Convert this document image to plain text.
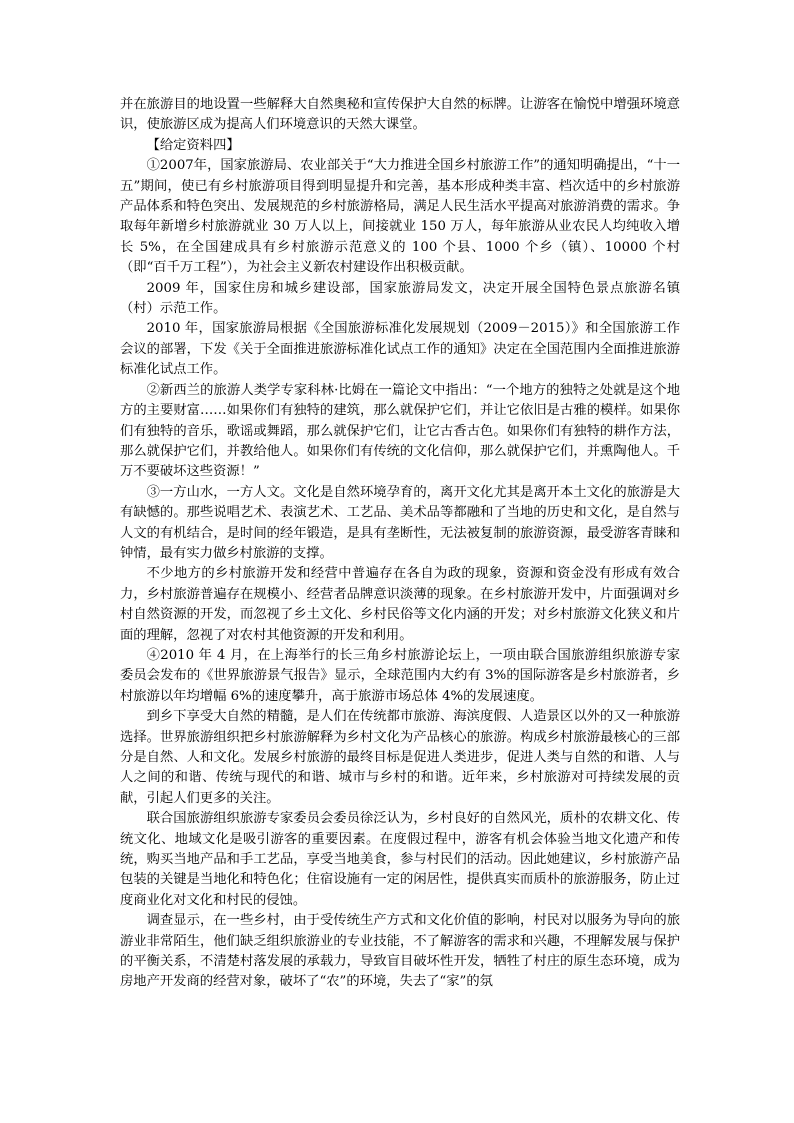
并在旅游目的地设置一些解释大自然奥秘和宣传保护大自然的标牌。让游客在愉悦中增强环境意识，使旅游区成为提高人们环境意识的天然大课堂。

【给定资料四】

①2007年，国家旅游局、农业部关于“大力推进全国乡村旅游工作”的通知明确提出，“十一五”期间，使已有乡村旅游项目得到明显提升和完善，基本形成种类丰富、档次适中的乡村旅游产品体系和特色突出、发展规范的乡村旅游格局，满足人民生活水平提高对旅游消费的需求。争取每年新增乡村旅游就业 30 万人以上，间接就业 150 万人，每年旅游从业农民人均纯收入增长 5%，在全国建成具有乡村旅游示范意义的 100 个县、1000 个乡（镇）、10000 个村（即“百千万工程”），为社会主义新农村建设作出积极贡献。

2009 年，国家住房和城乡建设部，国家旅游局发文，决定开展全国特色景点旅游名镇（村）示范工作。

2010 年，国家旅游局根据《全国旅游标准化发展规划（2009－2015）》和全国旅游工作会议的部署，下发《关于全面推进旅游标准化试点工作的通知》决定在全国范围内全面推进旅游标准化试点工作。

②新西兰的旅游人类学专家科林·比姆在一篇论文中指出：“一个地方的独特之处就是这个地方的主要财富……如果你们有独特的建筑，那么就保护它们，并让它依旧是古雅的模样。如果你们有独特的音乐，歌谣或舞蹈，那么就保护它们，让它古香古色。如果你们有独特的耕作方法，那么就保护它们，并教给他人。如果你们有传统的文化信仰，那么就保护它们，并熏陶他人。千万不要破坏这些资源！”

③一方山水，一方人文。文化是自然环境孕育的，离开文化尤其是离开本土文化的旅游是大有缺憾的。那些说唱艺术、表演艺术、工艺品、美术品等都融和了当地的历史和文化，是自然与人文的有机结合，是时间的经年锻造，是具有垄断性，无法被复制的旅游资源，最受游客青睐和钟情，最有实力做乡村旅游的支撑。

不少地方的乡村旅游开发和经营中普遍存在各自为政的现象，资源和资金没有形成有效合力，乡村旅游普遍存在规模小、经营者品牌意识淡薄的现象。在乡村旅游开发中，片面强调对乡村自然资源的开发，而忽视了乡土文化、乡村民俗等文化内涵的开发；对乡村旅游文化狭义和片面的理解，忽视了对农村其他资源的开发和利用。

④2010 年 4 月，在上海举行的长三角乡村旅游论坛上，一项由联合国旅游组织旅游专家委员会发布的《世界旅游景气报告》显示，全球范围内大约有 3%的国际游客是乡村旅游者，乡村旅游以年均增幅 6%的速度攀升，高于旅游市场总体 4%的发展速度。

到乡下享受大自然的精髓，是人们在传统都市旅游、海滨度假、人造景区以外的又一种旅游选择。世界旅游组织把乡村旅游解释为乡村文化为产品核心的旅游。构成乡村旅游最核心的三部分是自然、人和文化。发展乡村旅游的最终目标是促进人类进步，促进人类与自然的和谐、人与人之间的和谐、传统与现代的和谐、城市与乡村的和谐。近年来，乡村旅游对可持续发展的贡献，引起人们更多的关注。

联合国旅游组织旅游专家委员会委员徐泛认为，乡村良好的自然风光，质朴的农耕文化、传统文化、地域文化是吸引游客的重要因素。在度假过程中，游客有机会体验当地文化遗产和传统，购买当地产品和手工艺品，享受当地美食，参与村民们的活动。因此她建议，乡村旅游产品包装的关键是当地化和特色化；住宿设施有一定的闲居性，提供真实而质朴的旅游服务，防止过度商业化对文化和村民的侵蚀。

调查显示，在一些乡村，由于受传统生产方式和文化价值的影响，村民对以服务为导向的旅游业非常陌生，他们缺乏组织旅游业的专业技能，不了解游客的需求和兴趣，不理解发展与保护的平衡关系，不清楚村落发展的承载力，导致盲目破坏性开发，牺牲了村庄的原生态环境，成为房地产开发商的经营对象，破坏了“农”的环境，失去了“家”的氛
